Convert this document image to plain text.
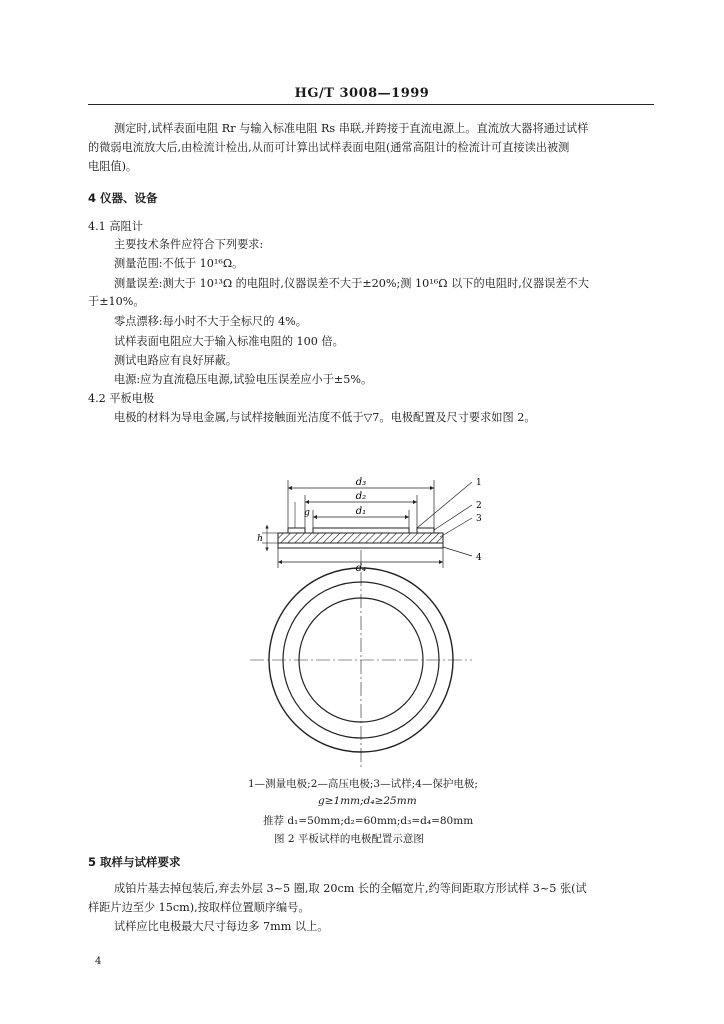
HG/T 3008—1999
测定时,试样表面电阻 Rr 与输入标准电阻 Rs 串联,并跨接于直流电源上。直流放大器将通过试样
的微弱电流放大后,由检流计检出,从而可计算出试样表面电阻(通常高阻计的检流计可直接读出被测
电阻值)。
4 仪器、设备
4.1 高阻计
主要技术条件应符合下列要求:
测量范围:不低于 10¹⁶Ω。
测量误差:测大于 10¹³Ω 的电阻时,仪器误差不大于±20%;测 10¹⁶Ω 以下的电阻时,仪器误差不大
于±10%。
零点漂移:每小时不大于全标尺的 4%。
试样表面电阻应大于输入标准电阻的 100 倍。
测试电路应有良好屏蔽。
电源:应为直流稳压电源,试验电压误差应小于±5%。
4.2 平板电极
电极的材料为导电金属,与试样接触面光洁度不低于▽7。电极配置及尺寸要求如图 2。
d₃
d₂
d₁
d₄
g
h
1
2
3
4
1—测量电极;2—高压电极;3—试样;4—保护电极;
g≥1mm;d₄≥25mm
推荐 d₁=50mm;d₂=60mm;d₃=d₄=80mm
图 2 平板试样的电极配置示意图
5 取样与试样要求
成铂片基去掉包装后,弃去外层 3~5 圈,取 20cm 长的全幅宽片,约等间距取方形试样 3~5 张(试
样距片边至少 15cm),按取样位置顺序编号。
试样应比电极最大尺寸每边多 7mm 以上。
4
